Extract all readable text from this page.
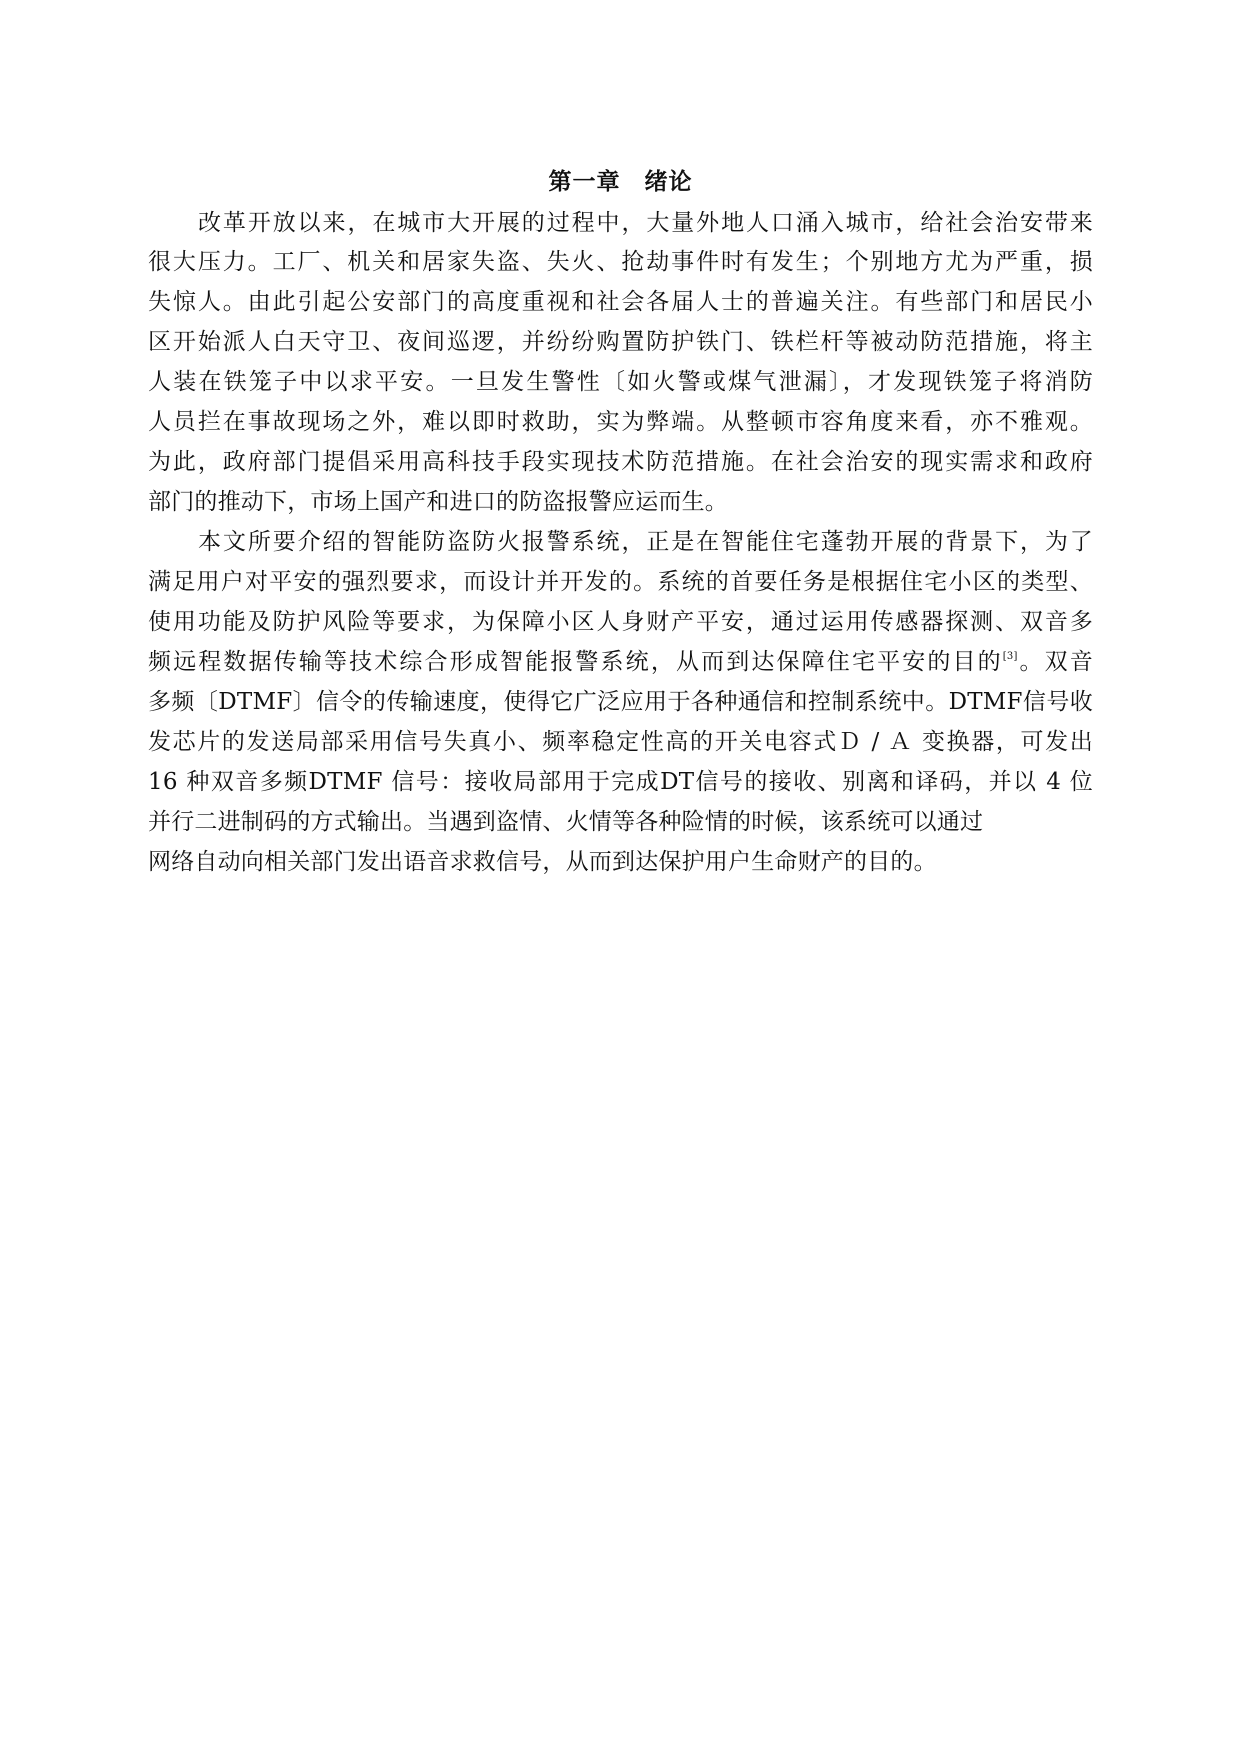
第一章　绪论

改革开放以来，在城市大开展的过程中，大量外地人口涌入城市，给社会治安带来

很大压力。工厂、机关和居家失盗、失火、抢劫事件时有发生；个别地方尤为严重，损

失惊人。由此引起公安部门的高度重视和社会各届人士的普遍关注。有些部门和居民小

区开始派人白天守卫、夜间巡逻，并纷纷购置防护铁门、铁栏杆等被动防范措施，将主

人装在铁笼子中以求平安。一旦发生警性〔如火警或煤气泄漏〕，才发现铁笼子将消防

人员拦在事故现场之外，难以即时救助，实为弊端。从整顿市容角度来看，亦不雅观。

为此，政府部门提倡采用高科技手段实现技术防范措施。在社会治安的现实需求和政府

部门的推动下，市场上国产和进口的防盗报警应运而生。

本文所要介绍的智能防盗防火报警系统，正是在智能住宅蓬勃开展的背景下，为了

满足用户对平安的强烈要求，而设计并开发的。系统的首要任务是根据住宅小区的类型、

使用功能及防护风险等要求，为保障小区人身财产平安，通过运用传感器探测、双音多

频远程数据传输等技术综合形成智能报警系统，从而到达保障住宅平安的目的[3]。双音

多频〔DTMF〕信令的传输速度，使得它广泛应用于各种通信和控制系统中。DTMF信号收

发芯片的发送局部采用信号失真小、频率稳定性高的开关电容式Ｄ / Ａ 变换器，可发出

16 种双音多频DTMF 信号：接收局部用于完成DT信号的接收、别离和译码，并以 4 位

并行二进制码的方式输出。当遇到盗情、火情等各种险情的时候，该系统可以通过

网络自动向相关部门发出语音求救信号，从而到达保护用户生命财产的目的。
